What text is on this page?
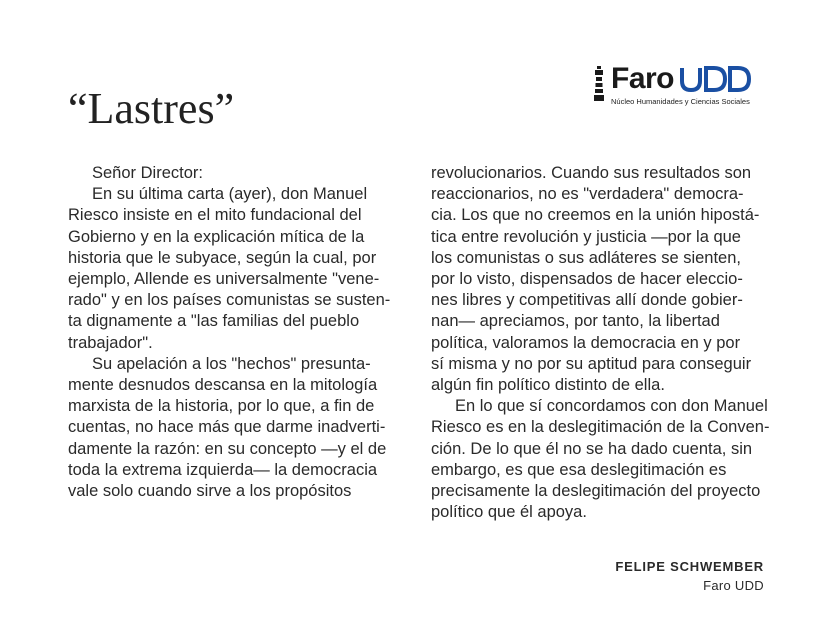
Faro
Núcleo Humanidades y Ciencias Sociales
“Lastres”
Señor Director:
En su última carta (ayer), don Manuel
Riesco insiste en el mito fundacional del
Gobierno y en la explicación mítica de la
historia que le subyace, según la cual, por
ejemplo, Allende es universalmente "vene-
rado" y en los países comunistas se susten-
ta dignamente a "las familias del pueblo
trabajador".
Su apelación a los "hechos" presunta-
mente desnudos descansa en la mitología
marxista de la historia, por lo que, a fin de
cuentas, no hace más que darme inadverti-
damente la razón: en su concepto —y el de
toda la extrema izquierda— la democracia
vale solo cuando sirve a los propósitos
revolucionarios. Cuando sus resultados son
reaccionarios, no es "verdadera" democra-
cia. Los que no creemos en la unión hipostá-
tica entre revolución y justicia —por la que
los comunistas o sus adláteres se sienten,
por lo visto, dispensados de hacer eleccio-
nes libres y competitivas allí donde gobier-
nan— apreciamos, por tanto, la libertad
política, valoramos la democracia en y por
sí misma y no por su aptitud para conseguir
algún fin político distinto de ella.
En lo que sí concordamos con don Manuel
Riesco es en la deslegitimación de la Conven-
ción. De lo que él no se ha dado cuenta, sin
embargo, es que esa deslegitimación es
precisamente la deslegitimación del proyecto
político que él apoya.
FELIPE SCHWEMBER
Faro UDD
